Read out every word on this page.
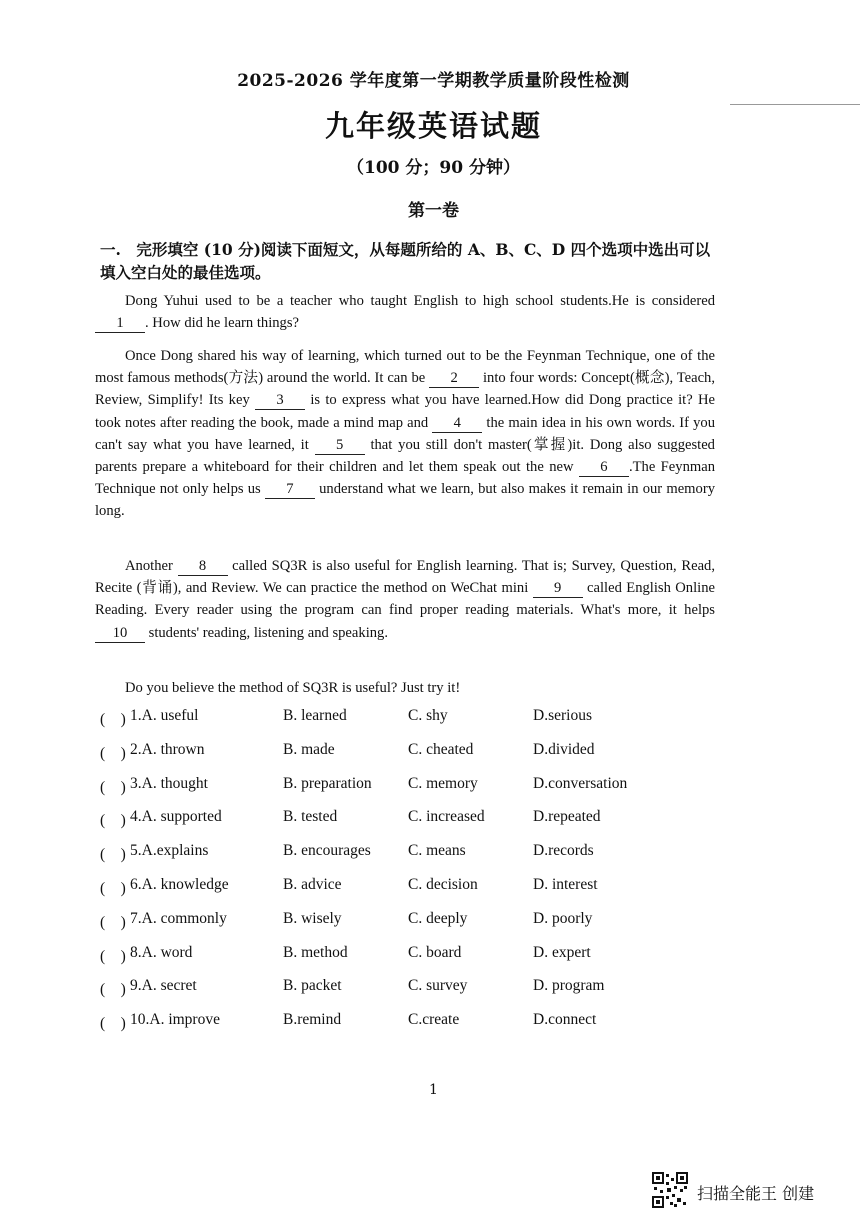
2025-2026 学年度第一学期教学质量阶段性检测
九年级英语试题
（100 分；90 分钟）
第一卷
一.　完形填空 (10 分)阅读下面短文，从每题所给的 A、B、C、D 四个选项中选出可以填入空白处的最佳选项。
Dong Yuhui used to be a teacher who taught English to high school students.He is considered 1 . How did he learn things?
Once Dong shared his way of learning, which turned out to be the Feynman Technique, one of the most famous methods(方法) around the world. It can be 2 into four words: Concept(概念), Teach, Review, Simplify! Its key 3 is to express what you have learned.How did Dong practice it? He took notes after reading the book, made a mind map and 4 the main idea in his own words. If you can't say what you have learned, it 5 that you still don't master(掌握)it. Dong also suggested parents prepare a whiteboard for their children and let them speak out the new 6 .The Feynman Technique not only helps us 7 understand what we learn, but also makes it remain in our memory long.
Another 8 called SQ3R is also useful for English learning. That is; Survey, Question, Read, Recite (背诵), and Review. We can practice the method on WeChat mini 9 called English Online Reading. Every reader using the program can find proper reading materials. What's more, it helps 10 students' reading, listening and speaking.
Do you believe the method of SQ3R is useful? Just try it!
(　) 1.A. useful	B. learned	C. shy	D.serious
(　) 2.A. thrown	B. made	C. cheated	D.divided
(　) 3.A. thought	B. preparation C. memory	D.conversation
(　) 4.A. supported	B. tested	C. increased	D.repeated
(　) 5.A.explains	B. encourages C. means	D.records
(　) 6.A. knowledge	B. advice	C. decision	D. interest
(　) 7.A. commonly	B. wisely	C. deeply	D. poorly
(　) 8.A. word	B. method	C. board	D. expert
(　) 9.A. secret	B. packet	C. survey	D. program
(　) 10.A. improve	B.remind	C.create	D.connect
1
扫描全能王 创建
